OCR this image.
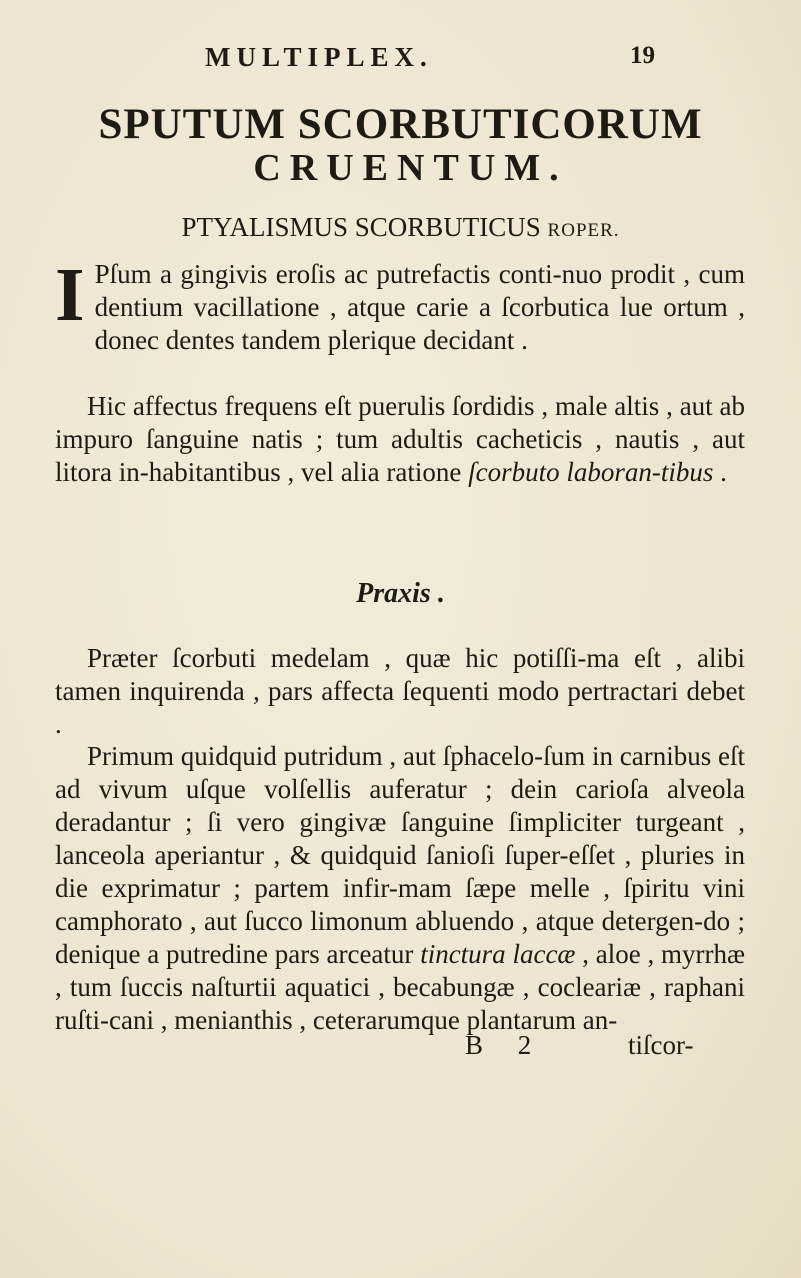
MULTIPLEX.	19
SPUTUM SCORBUTICORUM
CRUENTUM.
PTYALISMUS SCORBUTICUS ROPER.
I Pſum a gingivis eroſis ac putrefactis conti-nuo prodit , cum dentium vacillatione , atque carie a ſcorbutica lue ortum , donec dentes tandem plerique decidant .
Hic affectus frequens eſt puerulis ſordidis , male altis , aut ab impuro ſanguine natis ; tum adultis cacheticis , nautis , aut litora in-habitantibus , vel alia ratione ſcorbuto laboran-tibus .
Praxis .
Præter ſcorbuti medelam , quæ hic potiſſi-ma eſt , alibi tamen inquirenda , pars affecta ſequenti modo pertractari debet .
Primum quidquid putridum , aut ſphacelo-ſum in carnibus eſt ad vivum uſque volſellis auferatur ; dein carioſa alveola deradantur ; ſi vero gingivæ ſanguine ſimpliciter turgeant , lanceola aperiantur , & quidquid ſanioſi ſuper-eſſet , pluries in die exprimatur ; partem infir-mam ſæpe melle , ſpiritu vini camphorato , aut ſucco limonum abluendo , atque detergen-do ; denique a putredine pars arceatur tinctura laccæ , aloe , myrrhæ , tum ſuccis naſturtii aquatici , becabungæ , cocleariæ , raphani ruſti-cani , menianthis , ceterarumque plantarum an-
B 2	tiſcor-
